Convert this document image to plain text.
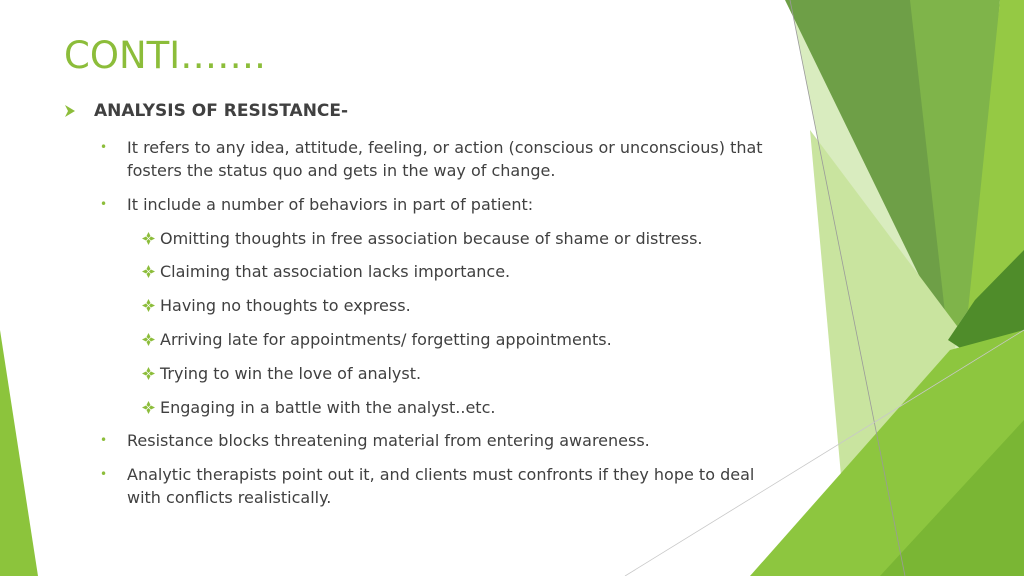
CONTI…….
ANALYSIS OF RESISTANCE-
• It refers to any idea, attitude, feeling, or action (conscious or unconscious) that fosters the status quo and gets in the way of change.
• It include a number of behaviors in part of patient:
Omitting thoughts in free association because of shame or distress.
Claiming that association lacks importance.
Having no thoughts to express.
Arriving late for appointments/ forgetting appointments.
Trying to win the love of analyst.
Engaging in a battle with the analyst..etc.
• Resistance blocks threatening material from entering awareness.
• Analytic therapists point out it, and clients must confronts if they hope to deal with conflicts realistically.
